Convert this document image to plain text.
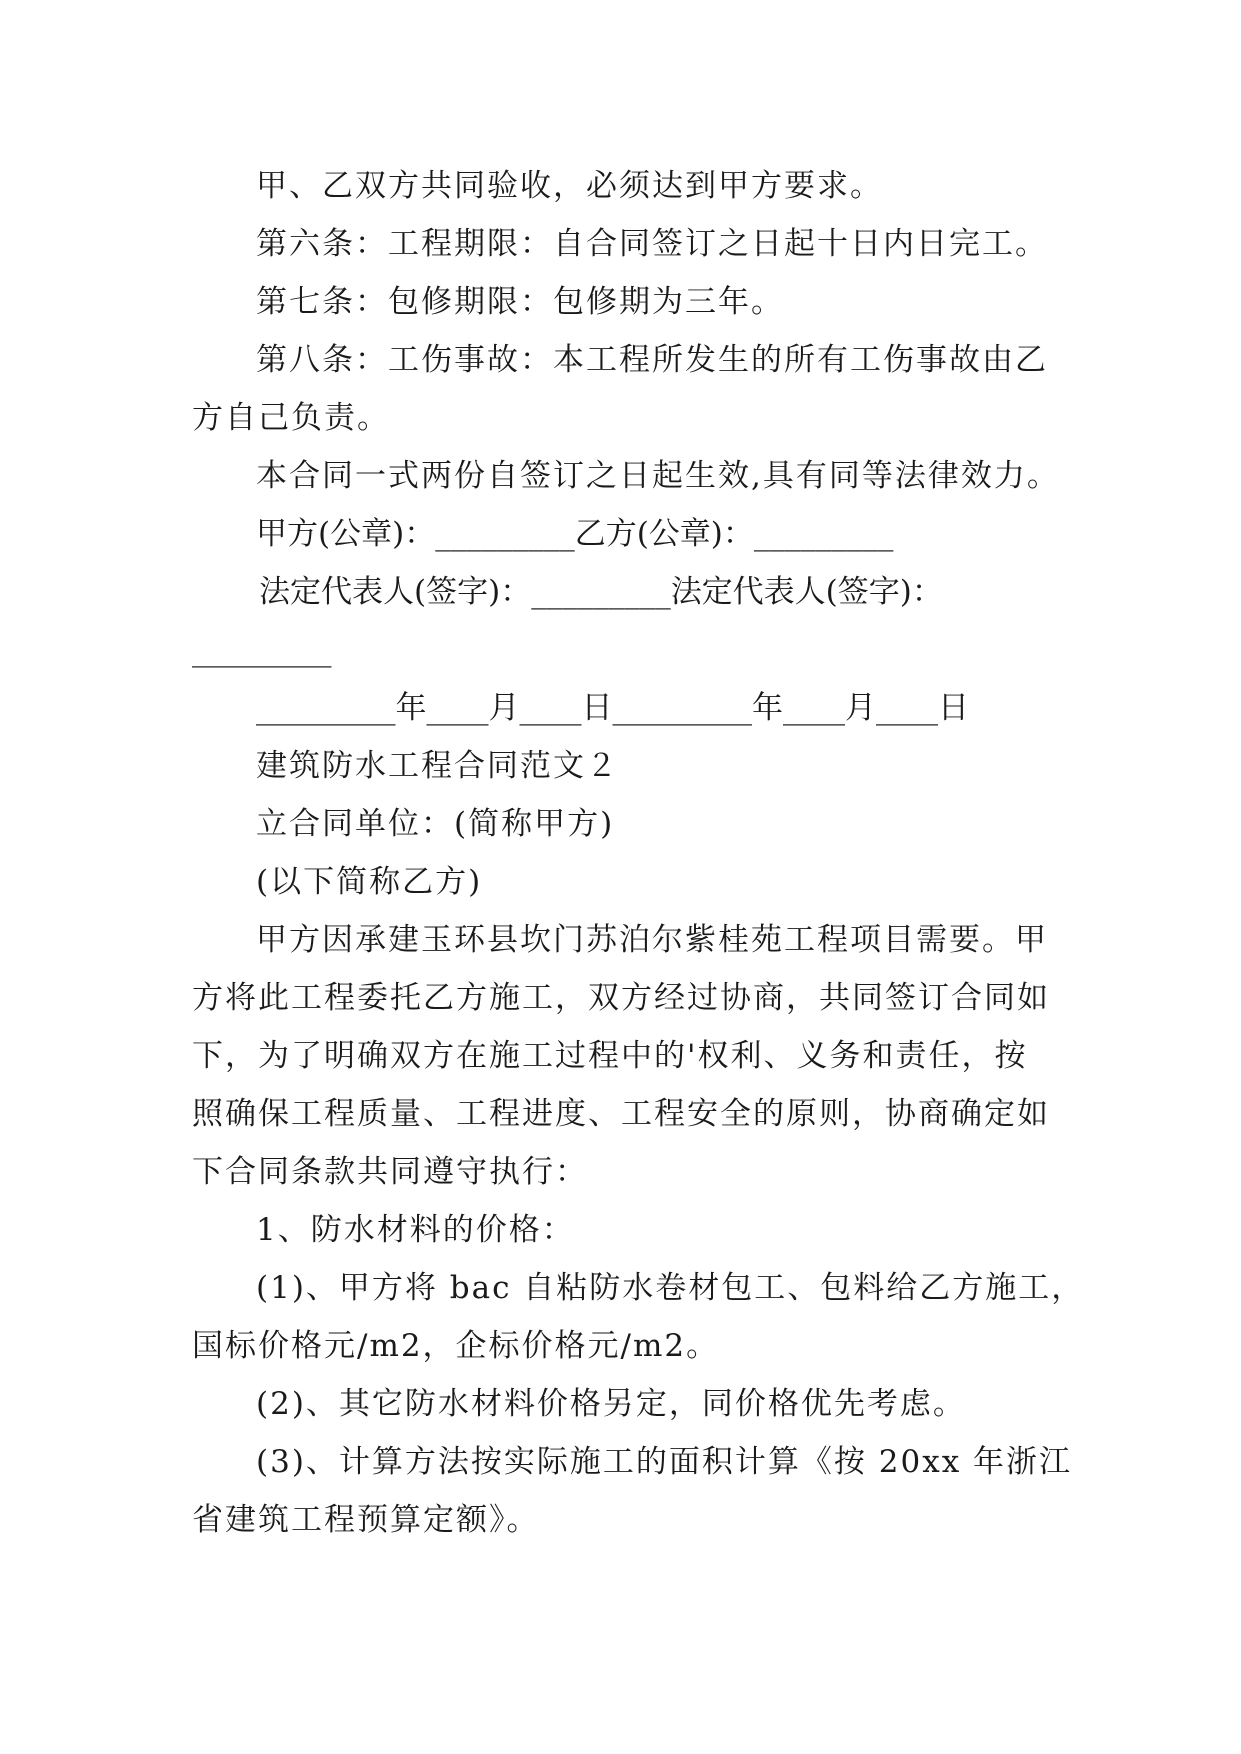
甲、乙双方共同验收，必须达到甲方要求。
第六条：工程期限：自合同签订之日起十日内日完工。
第七条：包修期限：包修期为三年。
第八条：工伤事故：本工程所发生的所有工伤事故由乙
方自己负责。
本合同一式两份自签订之日起生效,具有同等法律效力。
甲方(公章)：_________乙方(公章)：_________
法定代表人(签字)：_________法定代表人(签字)：
_________
_________年____月____日_________年____月____日
建筑防水工程合同范文２
立合同单位：(简称甲方)
(以下简称乙方)
甲方因承建玉环县坎门苏泊尔紫桂苑工程项目需要。甲
方将此工程委托乙方施工，双方经过协商，共同签订合同如
下，为了明确双方在施工过程中的'权利、义务和责任，按
照确保工程质量、工程进度、工程安全的原则，协商确定如
下合同条款共同遵守执行：
1、防水材料的价格：
(1)、甲方将 bac 自粘防水卷材包工、包料给乙方施工，
国标价格元/m2，企标价格元/m2。
(2)、其它防水材料价格另定，同价格优先考虑。
(3)、计算方法按实际施工的面积计算《按 20xx 年浙江
省建筑工程预算定额》。
